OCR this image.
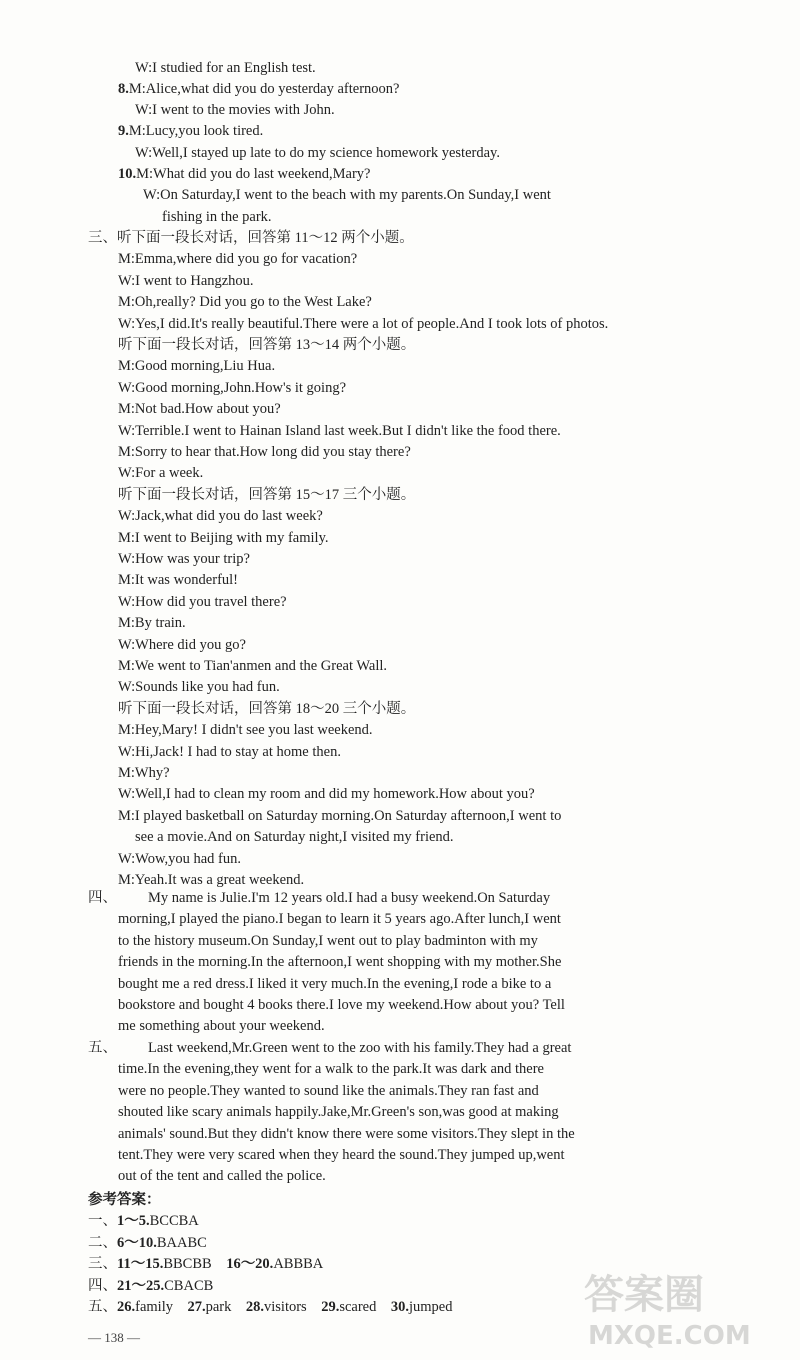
W:I studied for an English test.
8.M:Alice,what did you do yesterday afternoon?
W:I went to the movies with John.
9.M:Lucy,you look tired.
W:Well,I stayed up late to do my science homework yesterday.
10.M:What did you do last weekend,Mary?
W:On Saturday,I went to the beach with my parents.On Sunday,I went
fishing in the park.
三、听下面一段长对话，回答第 11～12 两个小题。
M:Emma,where did you go for vacation?
W:I went to Hangzhou.
M:Oh,really? Did you go to the West Lake?
W:Yes,I did.It's really beautiful.There were a lot of people.And I took lots of photos.
听下面一段长对话，回答第 13～14 两个小题。
M:Good morning,Liu Hua.
W:Good morning,John.How's it going?
M:Not bad.How about you?
W:Terrible.I went to Hainan Island last week.But I didn't like the food there.
M:Sorry to hear that.How long did you stay there?
W:For a week.
听下面一段长对话，回答第 15～17 三个小题。
W:Jack,what did you do last week?
M:I went to Beijing with my family.
W:How was your trip?
M:It was wonderful!
W:How did you travel there?
M:By train.
W:Where did you go?
M:We went to Tian'anmen and the Great Wall.
W:Sounds like you had fun.
听下面一段长对话，回答第 18～20 三个小题。
M:Hey,Mary! I didn't see you last weekend.
W:Hi,Jack! I had to stay at home then.
M:Why?
W:Well,I had to clean my room and did my homework.How about you?
M:I played basketball on Saturday morning.On Saturday afternoon,I went to
see a movie.And on Saturday night,I visited my friend.
W:Wow,you had fun.
M:Yeah.It was a great weekend.
四、 My name is Julie.I'm 12 years old.I had a busy weekend.On Saturday
morning,I played the piano.I began to learn it 5 years ago.After lunch,I went
to the history museum.On Sunday,I went out to play badminton with my
friends in the morning.In the afternoon,I went shopping with my mother.She
bought me a red dress.I liked it very much.In the evening,I rode a bike to a
bookstore and bought 4 books there.I love my weekend.How about you? Tell
me something about your weekend.
五、 Last weekend,Mr.Green went to the zoo with his family.They had a great
time.In the evening,they went for a walk to the park.It was dark and there
were no people.They wanted to sound like the animals.They ran fast and
shouted like scary animals happily.Jake,Mr.Green's son,was good at making
animals' sound.But they didn't know there were some visitors.They slept in the
tent.They were very scared when they heard the sound.They jumped up,went
out of the tent and called the police.
参考答案：
一、1～5.BCCBA
二、6～10.BAABC
三、11～15.BBCBB  16～20.ABBBA
四、21～25.CBACB
五、26.family  27.park  28.visitors  29.scared  30.jumped
— 138 —
答案圈
MXQE.COM
